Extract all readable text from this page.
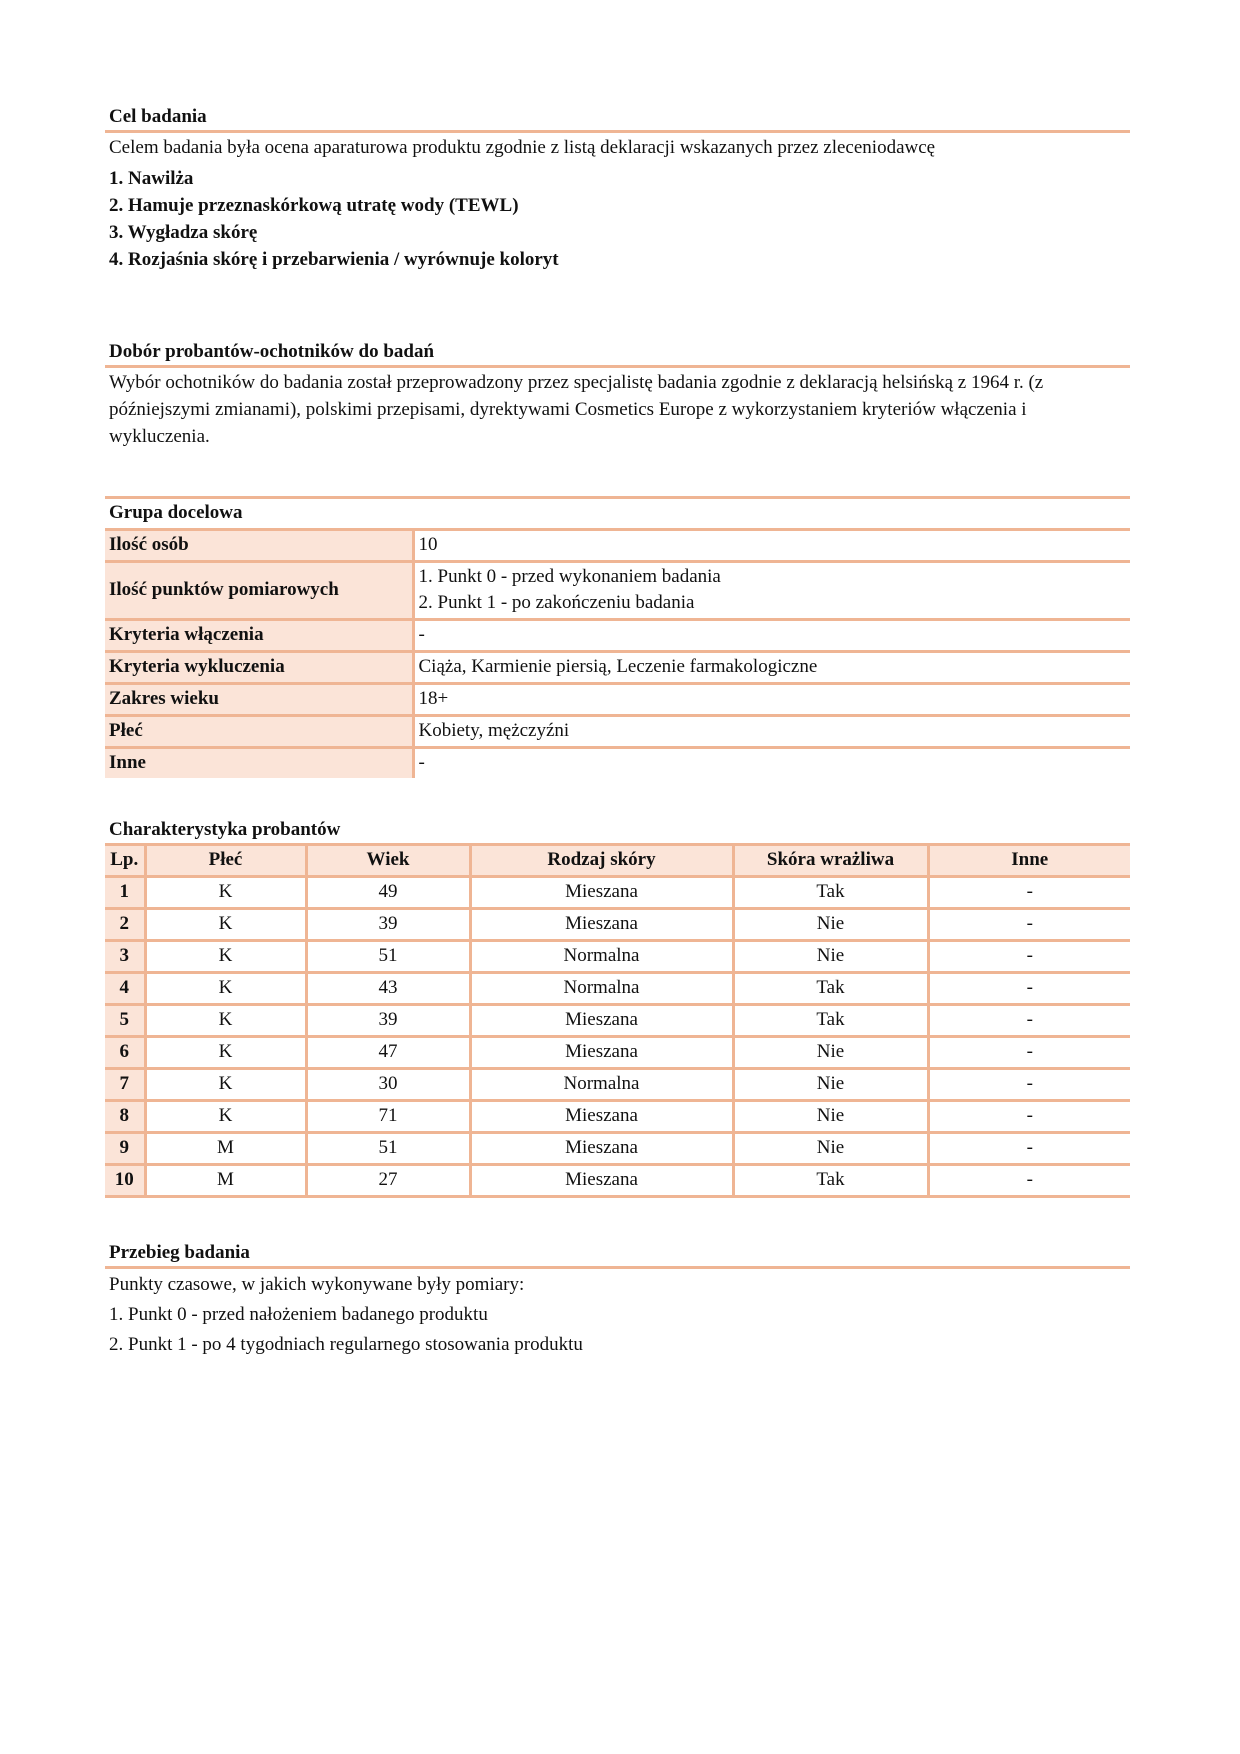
Cel badania
Celem badania była ocena aparaturowa produktu zgodnie z listą deklaracji wskazanych przez zleceniodawcę
1. Nawilża
2. Hamuje przeznaskórkową utratę wody (TEWL)
3. Wygładza skórę
4. Rozjaśnia skórę i przebarwienia / wyrównuje koloryt
Dobór probantów-ochotników do badań
Wybór ochotników do badania został przeprowadzony przez specjalistę badania zgodnie z deklaracją helsińską z 1964 r. (z późniejszymi zmianami), polskimi przepisami, dyrektywami Cosmetics Europe z wykorzystaniem kryteriów włączenia i wykluczenia.
Grupa docelowa	
Ilość osób	10
Ilość punktów pomiarowych	1. Punkt 0 - przed wykonaniem badania
2. Punkt 1 - po zakończeniu badania

Kryteria włączenia	-
Kryteria wykluczenia	Ciąża, Karmienie piersią, Leczenie farmakologiczne
Zakres wieku	18+
Płeć	Kobiety, mężczyźni
Inne	-
Charakterystyka probantów
Lp.	Płeć	Wiek	Rodzaj skóry	Skóra wrażliwa	Inne
1	K	49	Mieszana	Tak	-
2	K	39	Mieszana	Nie	-
3	K	51	Normalna	Nie	-
4	K	43	Normalna	Tak	-
5	K	39	Mieszana	Tak	-
6	K	47	Mieszana	Nie	-
7	K	30	Normalna	Nie	-
8	K	71	Mieszana	Nie	-
9	M	51	Mieszana	Nie	-
10	M	27	Mieszana	Tak	-
Przebieg badania
Punkty czasowe, w jakich wykonywane były pomiary:
1. Punkt 0 - przed nałożeniem badanego produktu
2. Punkt 1 - po 4 tygodniach regularnego stosowania produktu
